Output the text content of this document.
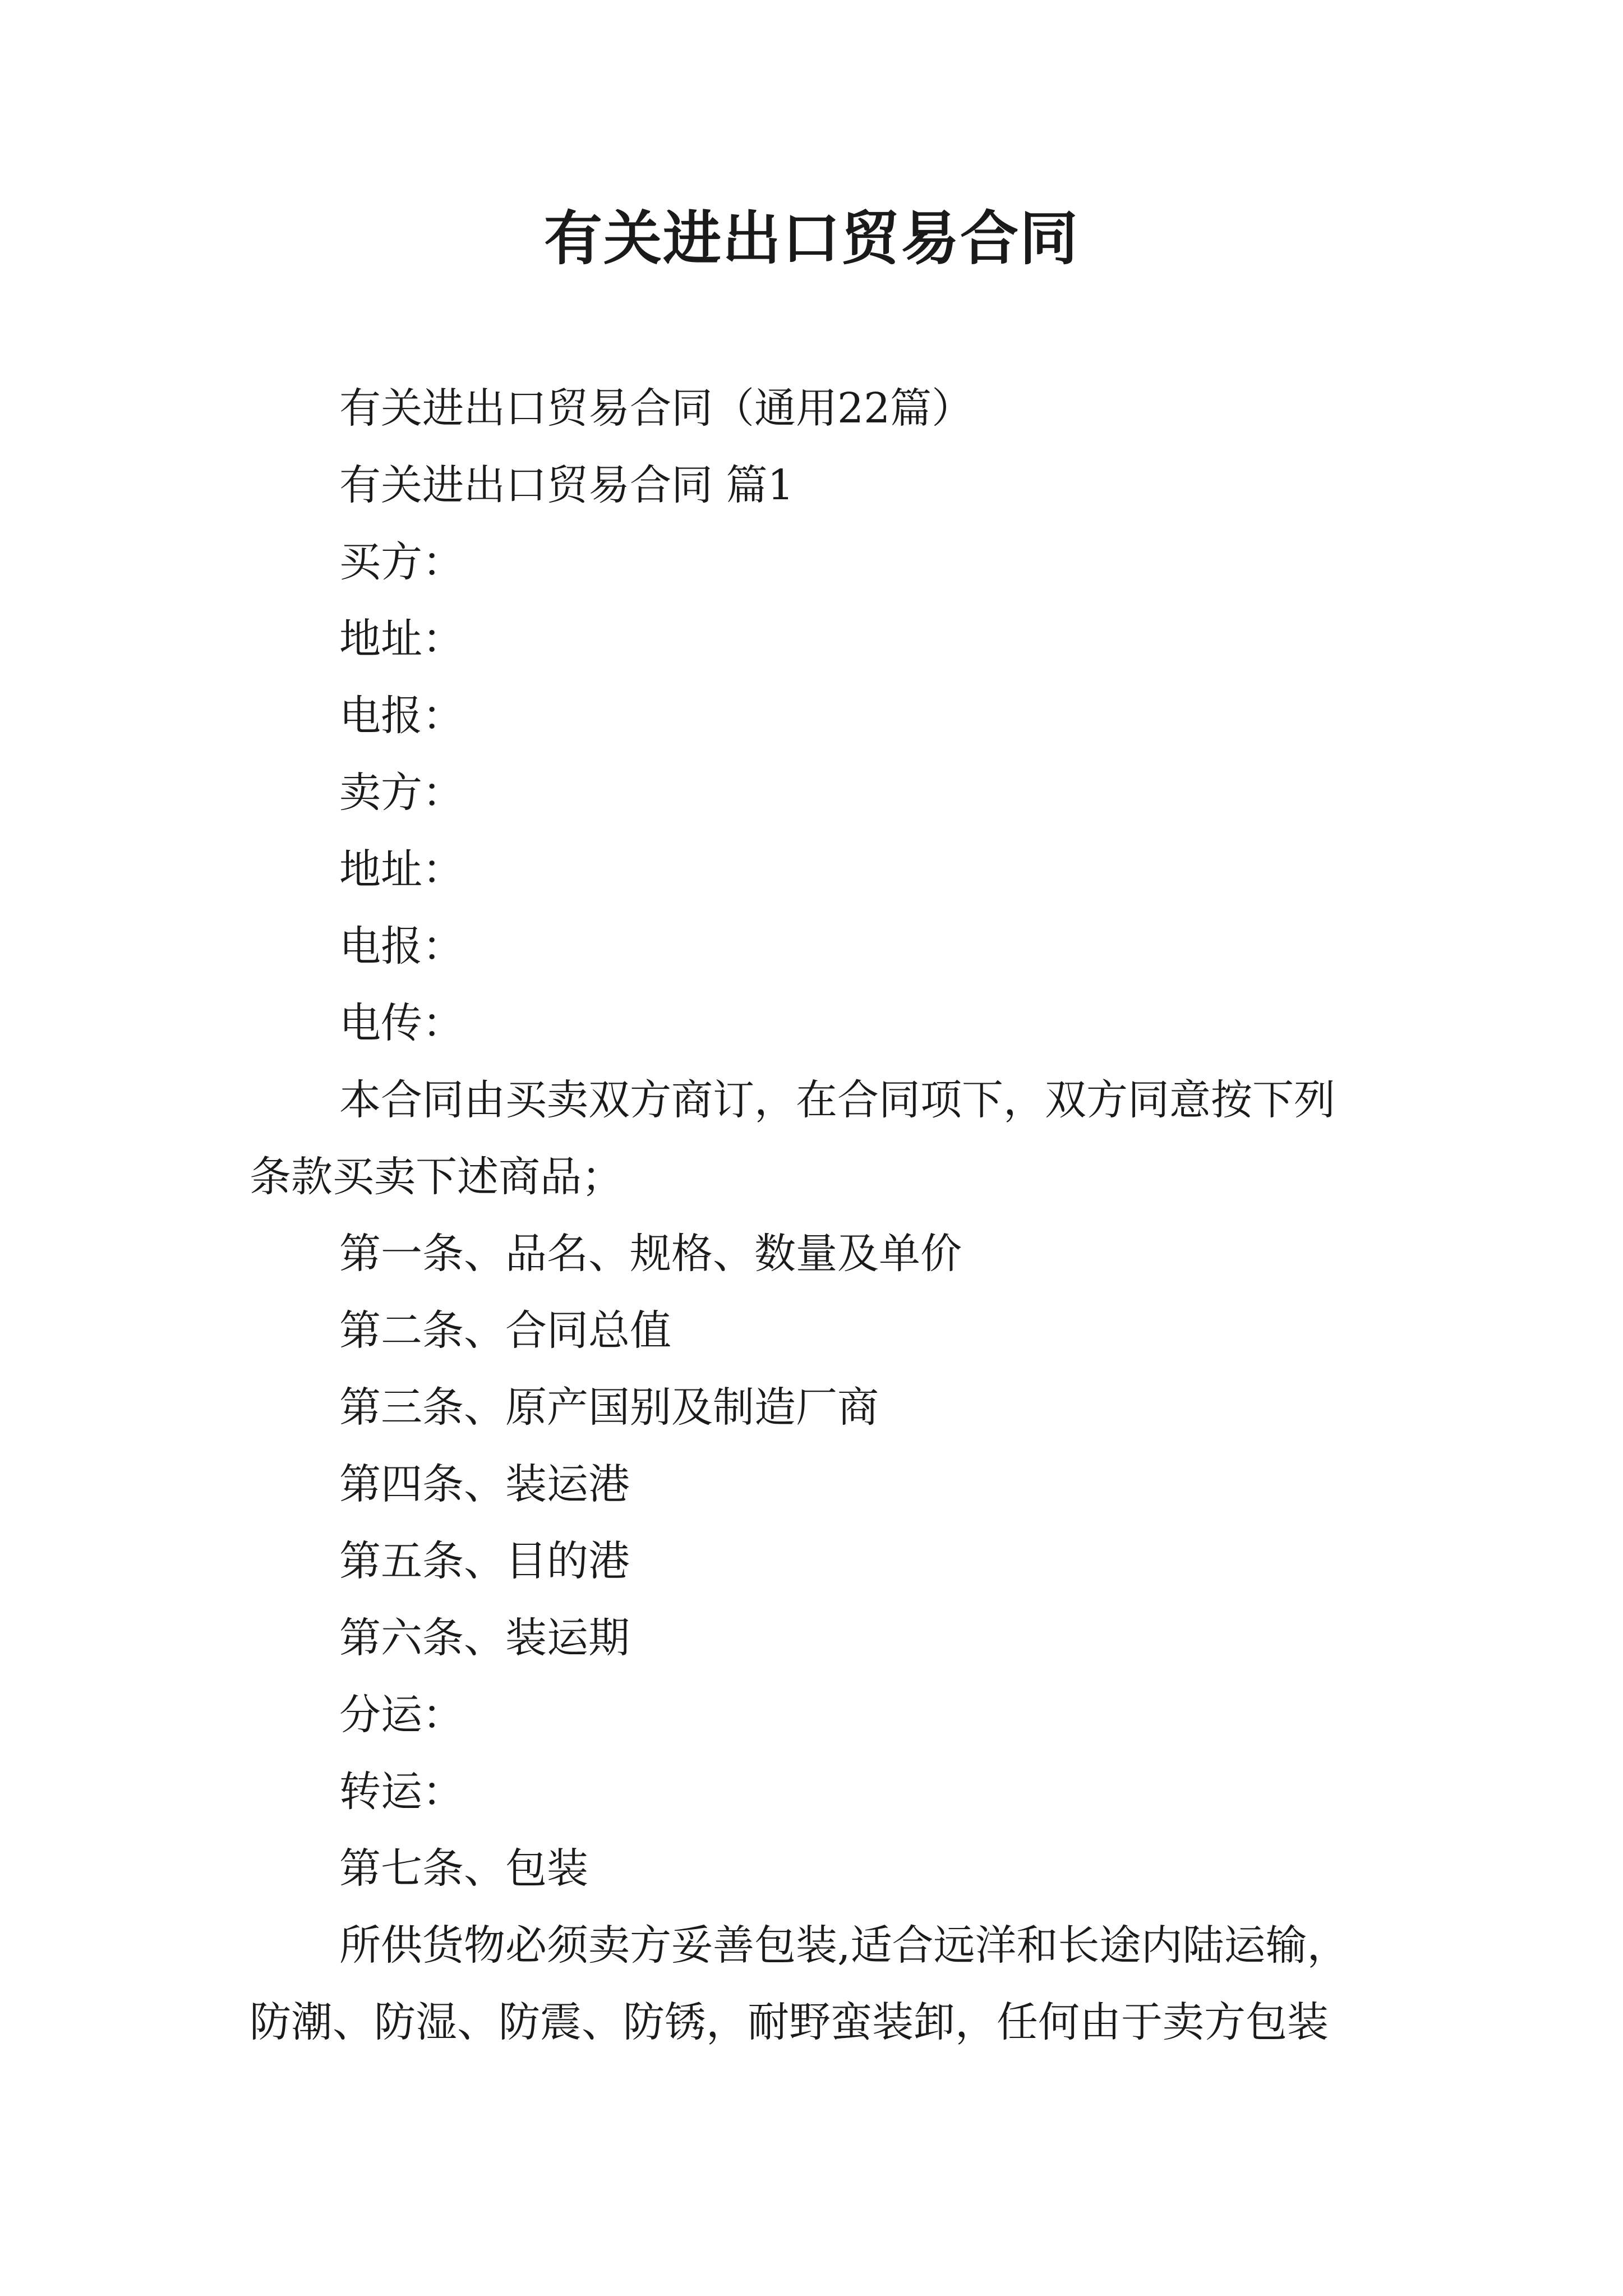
有关进出口贸易合同
有关进出口贸易合同（通用22篇）
有关进出口贸易合同 篇1
买方：
地址：
电报：
卖方：
地址：
电报：
电传：
本合同由买卖双方商订，在合同项下，双方同意按下列
条款买卖下述商品；
第一条、品名、规格、数量及单价
第二条、合同总值
第三条、原产国别及制造厂商
第四条、装运港
第五条、目的港
第六条、装运期
分运：
转运：
第七条、包装
所供货物必须卖方妥善包装,适合远洋和长途内陆运输，
防潮、防湿、防震、防锈，耐野蛮装卸，任何由于卖方包装
